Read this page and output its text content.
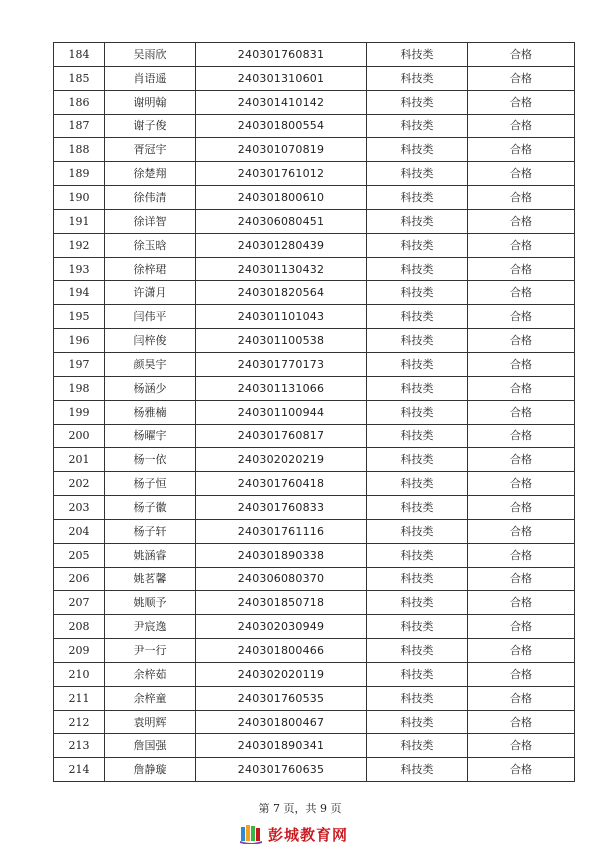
184	吴雨欣	240301760831	科技类	合格
185	肖语遥	240301310601	科技类	合格
186	谢明翰	240301410142	科技类	合格
187	谢子俊	240301800554	科技类	合格
188	胥冠宇	240301070819	科技类	合格
189	徐楚翔	240301761012	科技类	合格
190	徐伟清	240301800610	科技类	合格
191	徐详智	240306080451	科技类	合格
192	徐玉晗	240301280439	科技类	合格
193	徐梓珺	240301130432	科技类	合格
194	许潇月	240301820564	科技类	合格
195	闫伟平	240301101043	科技类	合格
196	闫梓俊	240301100538	科技类	合格
197	颜昊宇	240301770173	科技类	合格
198	杨涵少	240301131066	科技类	合格
199	杨雅楠	240301100944	科技类	合格
200	杨曜宇	240301760817	科技类	合格
201	杨一依	240302020219	科技类	合格
202	杨子恒	240301760418	科技类	合格
203	杨子徽	240301760833	科技类	合格
204	杨子轩	240301761116	科技类	合格
205	姚涵睿	240301890338	科技类	合格
206	姚茗馨	240306080370	科技类	合格
207	姚顺予	240301850718	科技类	合格
208	尹宸逸	240302030949	科技类	合格
209	尹一行	240301800466	科技类	合格
210	余梓茹	240302020119	科技类	合格
211	余梓童	240301760535	科技类	合格
212	袁明辉	240301800467	科技类	合格
213	詹国强	240301890341	科技类	合格
214	詹静璇	240301760635	科技类	合格
第 7 页，共 9 页
彭城教育网
